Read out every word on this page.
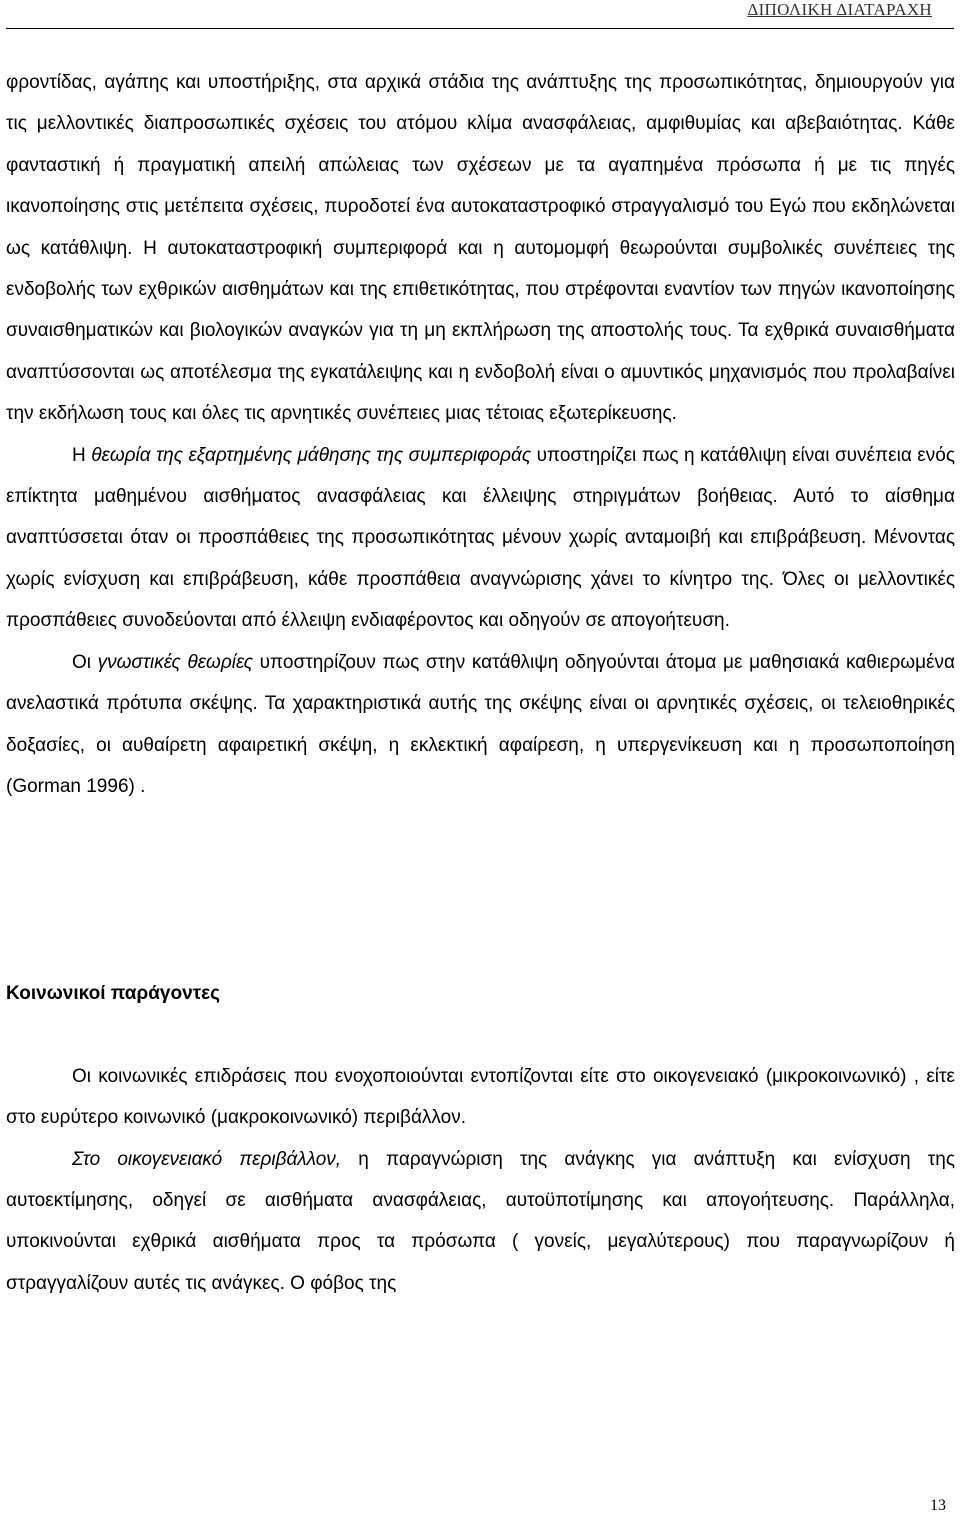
ΔΙΠΟΛΙΚΗ ΔΙΑΤΑΡΑΧΗ

φροντίδας, αγάπης και υποστήριξης, στα αρχικά στάδια της ανάπτυξης της προσωπικότητας, δημιουργούν για τις μελλοντικές διαπροσωπικές σχέσεις του ατόμου κλίμα ανασφάλειας, αμφιθυμίας και αβεβαιότητας. Κάθε φανταστική ή πραγματική απειλή απώλειας των σχέσεων με τα αγαπημένα πρόσωπα ή με τις πηγές ικανοποίησης στις μετέπειτα σχέσεις, πυροδοτεί ένα αυτοκαταστροφικό στραγγαλισμό του Εγώ που εκδηλώνεται ως κατάθλιψη. Η αυτοκαταστροφική συμπεριφορά και η αυτομομφή θεωρούνται συμβολικές συνέπειες της ενδοβολής των εχθρικών αισθημάτων και της επιθετικότητας, που στρέφονται εναντίον των πηγών ικανοποίησης συναισθηματικών και βιολογικών αναγκών για τη μη εκπλήρωση της αποστολής τους. Τα εχθρικά συναισθήματα αναπτύσσονται ως αποτέλεσμα της εγκατάλειψης και η ενδοβολή είναι ο αμυντικός μηχανισμός που προλαβαίνει την εκδήλωση τους και όλες τις αρνητικές συνέπειες μιας τέτοιας εξωτερίκευσης.

Η θεωρία της εξαρτημένης μάθησης της συμπεριφοράς υποστηρίζει πως η κατάθλιψη είναι συνέπεια ενός επίκτητα μαθημένου αισθήματος ανασφάλειας και έλλειψης στηριγμάτων βοήθειας. Αυτό το αίσθημα αναπτύσσεται όταν οι προσπάθειες της προσωπικότητας μένουν χωρίς ανταμοιβή και επιβράβευση. Μένοντας χωρίς ενίσχυση και επιβράβευση, κάθε προσπάθεια αναγνώρισης χάνει το κίνητρο της. Όλες οι μελλοντικές προσπάθειες συνοδεύονται από έλλειψη ενδιαφέροντος και οδηγούν σε απογοήτευση.

Οι γνωστικές θεωρίες υποστηρίζουν πως στην κατάθλιψη οδηγούνται άτομα με μαθησιακά καθιερωμένα ανελαστικά πρότυπα σκέψης. Τα χαρακτηριστικά αυτής της σκέψης είναι οι αρνητικές σχέσεις, οι τελειοθηρικές δοξασίες, οι αυθαίρετη αφαιρετική σκέψη, η εκλεκτική αφαίρεση, η υπεργενίκευση και η προσωποποίηση (Gorman 1996) .

Κοινωνικοί παράγοντες

Οι κοινωνικές επιδράσεις που ενοχοποιούνται εντοπίζονται είτε στο οικογενειακό (μικροκοινωνικό) , είτε στο ευρύτερο κοινωνικό (μακροκοινωνικό) περιβάλλον.

Στο οικογενειακό περιβάλλον, η παραγνώριση της ανάγκης για ανάπτυξη και ενίσχυση της αυτοεκτίμησης, οδηγεί σε αισθήματα ανασφάλειας, αυτοϋποτίμησης και απογοήτευσης. Παράλληλα, υποκινούνται εχθρικά αισθήματα προς τα πρόσωπα ( γονείς, μεγαλύτερους) που παραγνωρίζουν ή στραγγαλίζουν αυτές τις ανάγκες. Ο φόβος της

13
